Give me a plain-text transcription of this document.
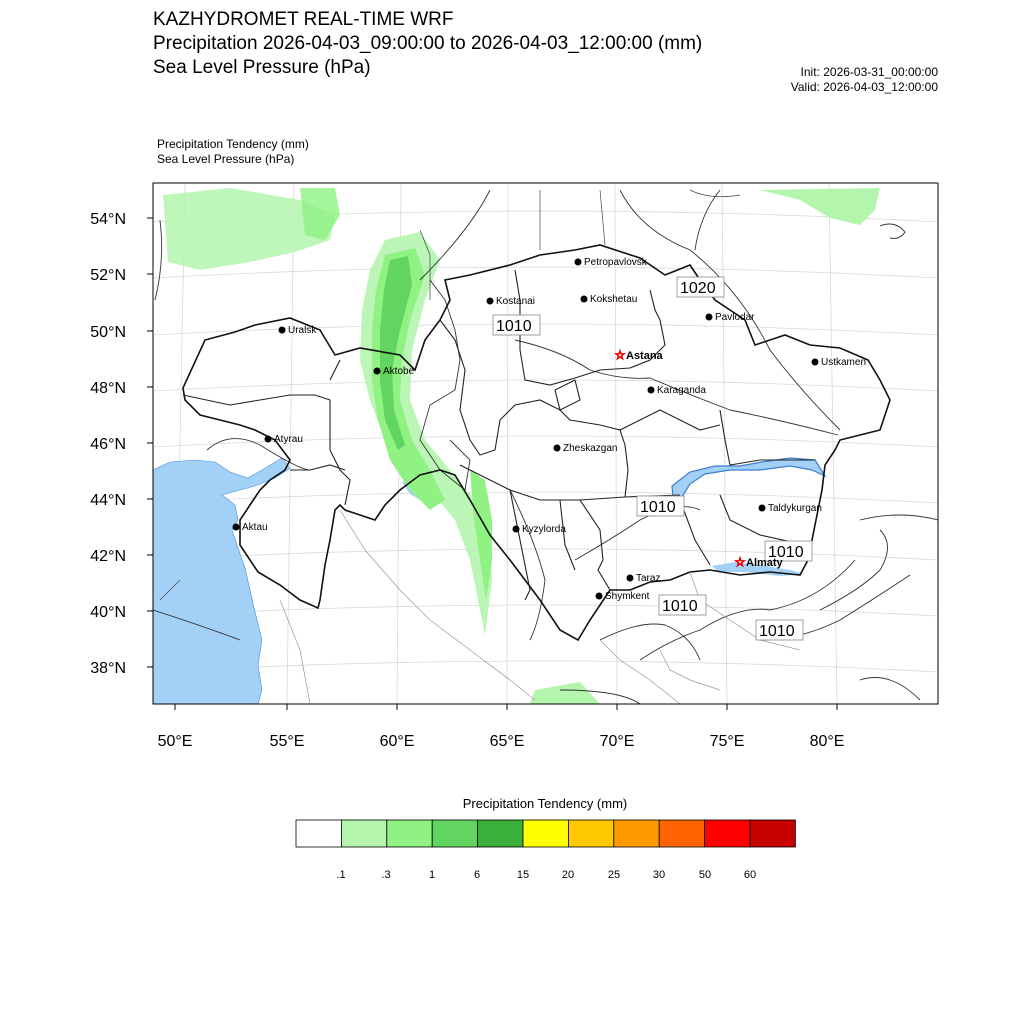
KAZHYDROMET REAL-TIME WRF
Precipitation 2026-04-03_09:00:00 to 2026-04-03_12:00:00 (mm)
Sea Level Pressure (hPa)	Init: 2026-03-31_00:00:00
Valid: 2026-04-03_12:00:00
Precipitation Tendency (mm)
Sea Level Pressure (hPa)
54°N
52°N
50°N
48°N
46°N
44°N
42°N
40°N
38°N
50°E	55°E	60°E	65°E	70°E	75°E	80°E
1020
1010
1010
1010
1010
1010
Petropavlovsk
Kostanai	Kokshetau
Uralsk
Pavlodar
☆ Astana
Aktobe
Ustkamen
Karaganda
Atyrau
Zheskazgan
Taldykurgan
Aktau	Kyzylorda
☆ Almaty
Taraz
Shymkent
Precipitation Tendency (mm)
.1	.3	1	6	15	20	25	30	50	60
